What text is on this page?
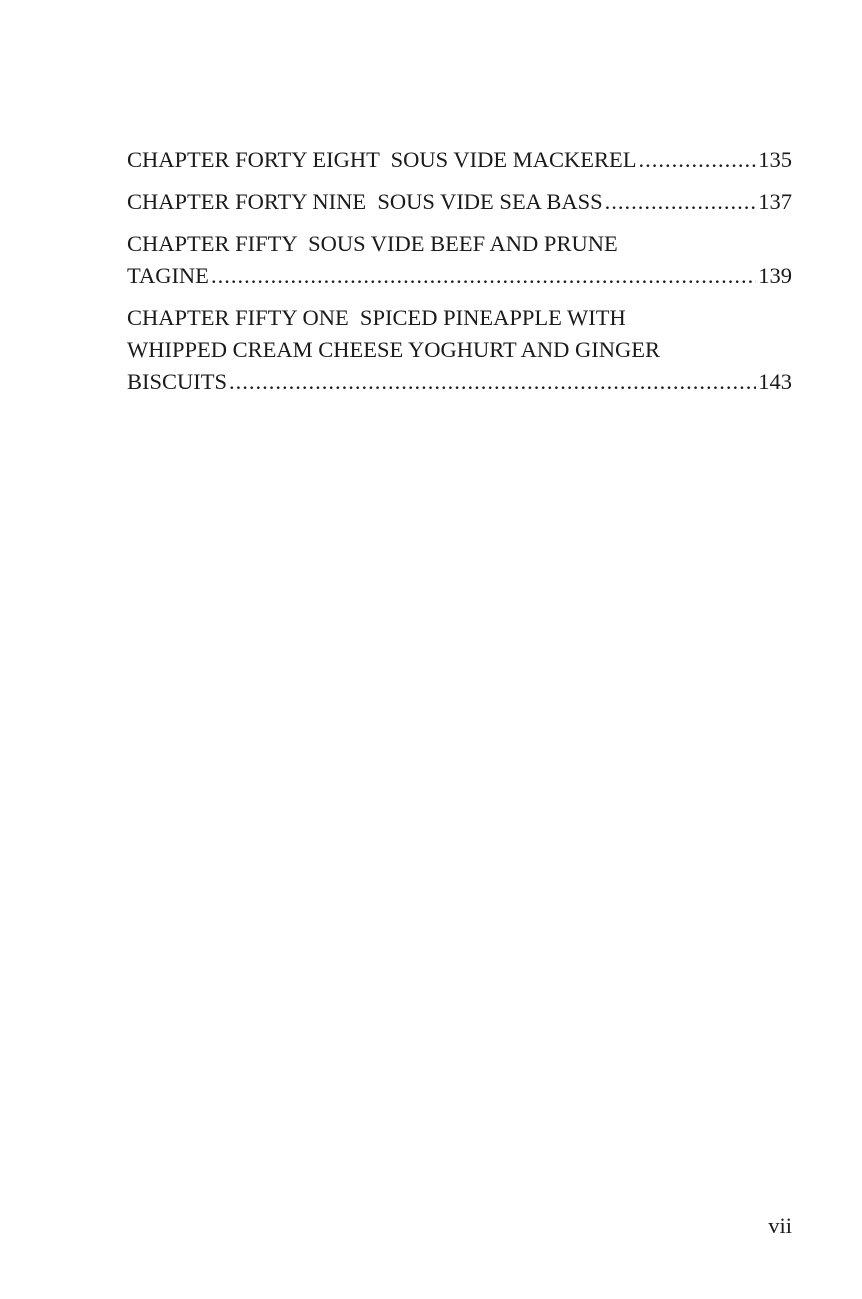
CHAPTER FORTY EIGHT  SOUS VIDE MACKEREL .....	135
CHAPTER FORTY NINE  SOUS VIDE SEA BASS .....	137
CHAPTER FIFTY  SOUS VIDE BEEF AND PRUNE
TAGINE .....	139
CHAPTER FIFTY ONE  SPICED PINEAPPLE WITH
WHIPPED CREAM CHEESE YOGHURT AND GINGER
BISCUITS .....	143
vii
